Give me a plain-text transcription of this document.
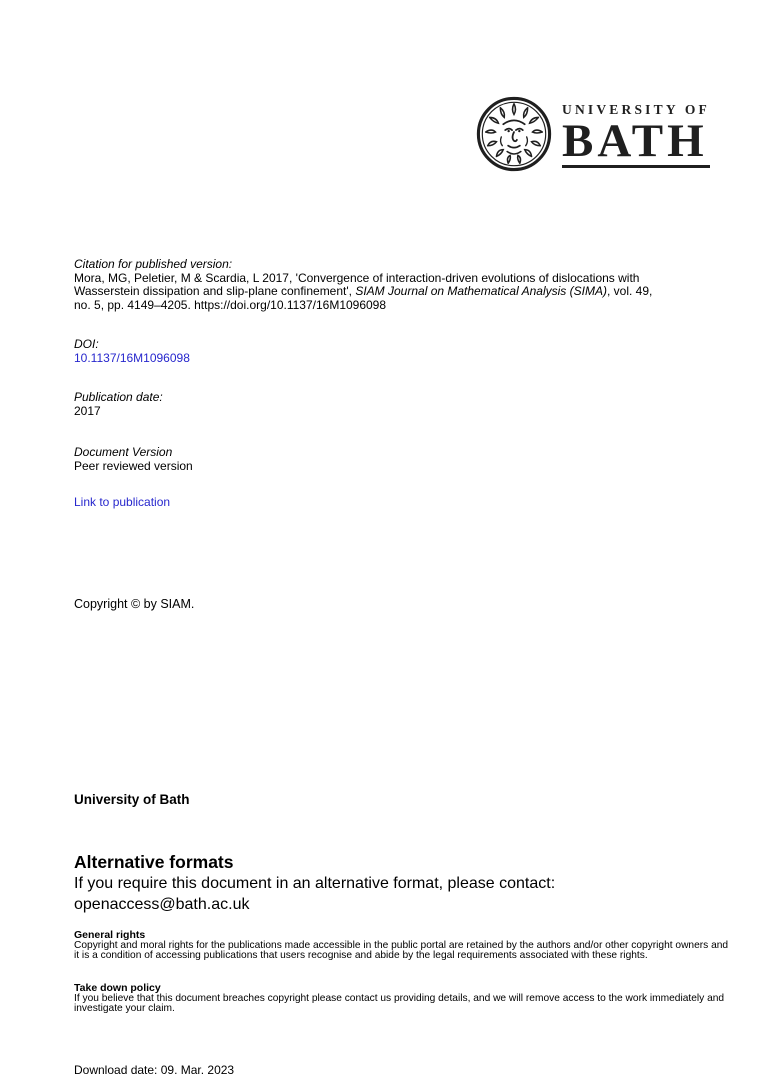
UNIVERSITY OF
BATH
Citation for published version:
Mora, MG, Peletier, M & Scardia, L 2017, 'Convergence of interaction-driven evolutions of dislocations with
Wasserstein dissipation and slip-plane confinement', SIAM Journal on Mathematical Analysis (SIMA), vol. 49,
no. 5, pp. 4149–4205. https://doi.org/10.1137/16M1096098
DOI:
10.1137/16M1096098
Publication date:
2017
Document Version
Peer reviewed version
Link to publication
Copyright © by SIAM.
University of Bath
Alternative formats
If you require this document in an alternative format, please contact:
openaccess@bath.ac.uk
General rights
Copyright and moral rights for the publications made accessible in the public portal are retained by the authors and/or other copyright owners and it is a condition of accessing publications that users recognise and abide by the legal requirements associated with these rights.
Take down policy
If you believe that this document breaches copyright please contact us providing details, and we will remove access to the work immediately and investigate your claim.
Download date: 09. Mar. 2023
